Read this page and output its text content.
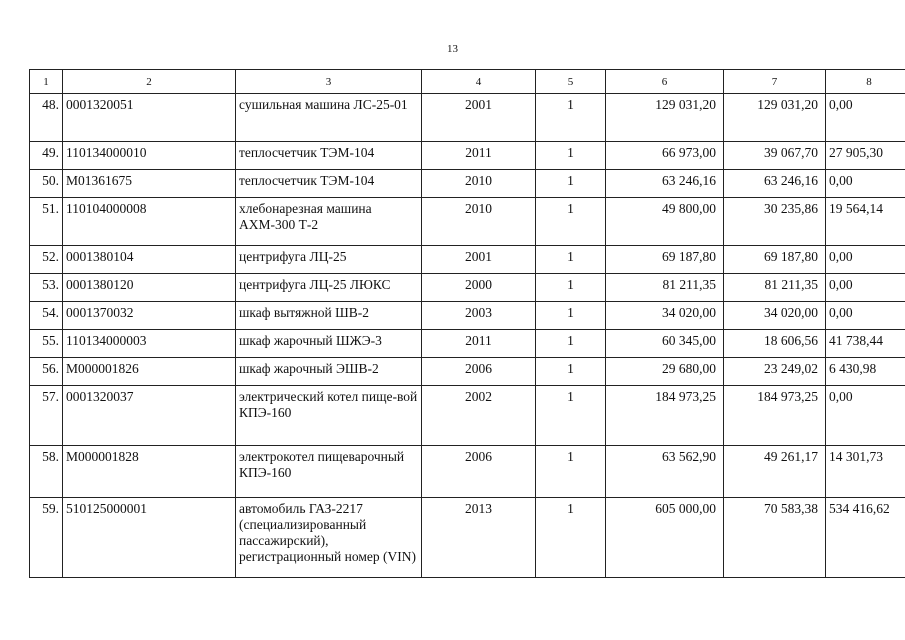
13
1	2	3	4	5	6	7	8
48.	0001320051	сушильная машина ЛС-25-01	2001	1	129 031,20	129 031,20	0,00
49.	110134000010	теплосчетчик ТЭМ-104	2011	1	66 973,00	39 067,70	27 905,30
50.	M01361675	теплосчетчик ТЭМ-104	2010	1	63 246,16	63 246,16	0,00
51.	110104000008	хлебонарезная машина АХМ-300 Т-2	2010	1	49 800,00	30 235,86	19 564,14
52.	0001380104	центрифуга ЛЦ-25	2001	1	69 187,80	69 187,80	0,00
53.	0001380120	центрифуга ЛЦ-25 ЛЮКС	2000	1	81 211,35	81 211,35	0,00
54.	0001370032	шкаф вытяжной ШВ-2	2003	1	34 020,00	34 020,00	0,00
55.	110134000003	шкаф жарочный ШЖЭ-3	2011	1	60 345,00	18 606,56	41 738,44
56.	M000001826	шкаф жарочный ЭШВ-2	2006	1	29 680,00	23 249,02	6 430,98
57.	0001320037	электрический котел пище-вой КПЭ-160	2002	1	184 973,25	184 973,25	0,00
58.	M000001828	электрокотел пищеварочный КПЭ-160	2006	1	63 562,90	49 261,17	14 301,73
59.	510125000001	автомобиль ГАЗ-2217 (специализированный пассажирский), регистрационный номер (VIN)	2013	1	605 000,00	70 583,38	534 416,62
